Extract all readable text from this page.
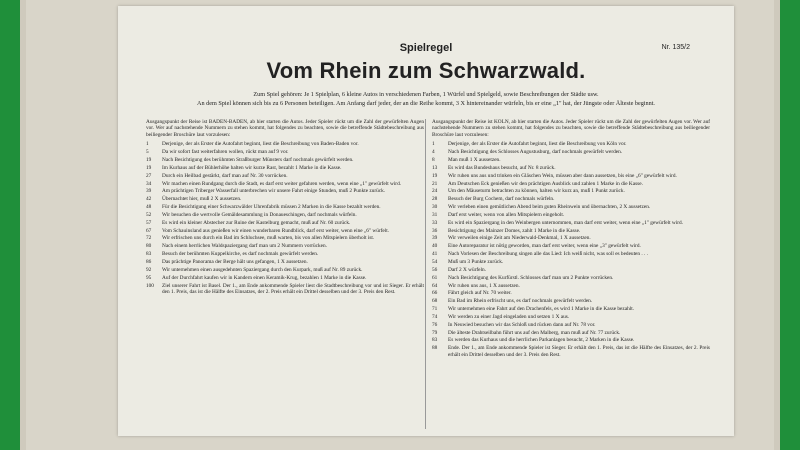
Spielregel	Nr. 135/2
Vom Rhein zum Schwarzwald.
Zum Spiel gehören: Je 1 Spielplan, 6 kleine Autos in verschiedenen Farben, 1 Würfel und Spielgeld, sowie Beschreibungen der Städte usw.
An dem Spiel können sich bis zu 6 Personen beteiligen. Am Anfang darf jeder, der an die Reihe kommt, 3 X hintereinander würfeln, bis er eine „1" hat, der Jüngste oder Älteste beginnt.
Ausgangspunkt der Reise ist BADEN-BADEN, ab hier starten die Autos. Jeder Spieler rückt um die Zahl der gewürfelten Augen vor. Wer auf nachstehende Nummern zu stehen kommt, hat folgendes zu beachten, sowie die betreffende Städtebeschreibung aus beiliegender Broschüre laut vorzulesen:
1	Derjenige, der als Erster die Autofahrt beginnt, liest die Beschreibung von Baden-Baden vor.
5	Da wir sofort fast weiterfahren wollen, rückt man auf 9 vor.
19	Nach Besichtigung des berühmten Straßburger Münsters darf nochmals gewürfelt werden.
19	Im Kurhaus auf der Bühlerhöhe halten wir kurze Rast, bezahlt 1 Marke in die Kasse.
27	Durch ein Heilbad gestärkt, darf man auf Nr. 30 vorrücken.
34	Wir machen einen Rundgang durch die Stadt, es darf erst weiter gefahren werden, wenn eine „1" gewürfelt wird.
39	Am prächtigen Triberger Wasserfall unterbrechen wir unsere Fahrt einige Stunden, muß 2 Punkte zurück.
42	Übernachtet hier, muß 2 X aussetzen.
48	Für die Besichtigung einer Schwarzwälder Uhrenfabrik müssen 2 Marken in die Kasse bezahlt werden.
52	Wir besuchen die wertvolle Gemäldesammlung in Donaueschingen, darf nochmals würfeln.
57	Es wird ein kleiner Abstecher zur Ruine der Kastelburg gemacht, muß auf Nr. 60 zurück.
67	Vom Schauinsland aus genießen wir einen wunderbaren Rundblick, darf erst weiter, wenn eine „6" würfelt.
72	Wir erfrischen uns durch ein Bad im Schluchsee, muß warten, bis von allen Mitspielern überholt ist.
80	Nach einem herrlichen Waldspaziergang darf man um 2 Nummern vorrücken.
83	Besuch der berühmten Kuppelkirche, es darf nochmals gewürfelt werden.
86	Das prächtige Panorama der Berge hält uns gefangen, 1 X aussetzen.
92	Wir unternehmen einen ausgedehnten Spaziergang durch den Kurpark, muß auf Nr. 89 zurück.
95	Auf der Durchfahrt kaufen wir in Kandern einen Keramik-Krug, bezahlen 1 Marke in die Kasse.
100	Ziel unserer Fahrt ist Basel. Der 1., am Ende ankommende Spieler liest die Stadtbeschreibung vor und ist Sieger. Er erhält den 1. Preis, das ist die Hälfte des Einsatzes, der 2. Preis erhält ein Drittel desselben und der 3. Preis den Rest.
Ausgangspunkt der Reise ist KÖLN, ab hier starten die Autos. Jeder Spieler rückt um die Zahl der gewürfelten Augen vor. Wer auf nachstehende Nummern zu stehen kommt, hat folgendes zu beachten, sowie die betreffende Städtebeschreibung aus beiliegender Broschüre laut vorzulesen:
1	Derjenige, der als Erster die Autofahrt beginnt, liest die Beschreibung von Köln vor.
4	Nach Besichtigung des Schlosses Augustusburg, darf nochmals gewürfelt werden.
8	Man muß 1 X aussetzen.
13	Es wird das Bundeshaus besucht, auf Nr. 8 zurück.
19	Wir ruhen uns aus und trinken ein Gläschen Wein, müssen aber dann aussetzen, bis eine „6" gewürfelt wird.
21	Am Deutschen Eck genießen wir den prächtigen Ausblick und zahlen 1 Marke in die Kasse.
24	Um den Mäuseturm betrachten zu können, halten wir kurz an, muß 1 Punkt zurück.
28	Besuch der Burg Cochem, darf nochmals würfeln.
30	Wir verleben einen gemütlichen Abend beim guten Rheinwein und übernachten, 2 X aussetzen.
31	Darf erst weiter, wenn von allen Mitspielern eingeholt.
33	Es wird ein Spaziergang in den Weinbergen unternommen, man darf erst weiter, wenn eine „1" gewürfelt wird.
36	Besichtigung des Mainzer Domes, zahlt 1 Marke in die Kasse.
39	Wir verweilen einige Zeit am Niederwald-Denkmal, 1 X aussetzen.
40	Eine Autoreparatur ist nötig geworden, man darf erst weiter, wenn eine „3" gewürfelt wird.
41	Nach Vorlesen der Beschreibung singen alle das Lied: Ich weiß nicht, was soll es bedeuten . . .
54	Muß um 3 Punkte zurück.
56	Darf 2 X würfeln.
61	Nach Besichtigung des Kurfürstl. Schlosses darf man um 2 Punkte vorrücken.
64	Wir ruhen uns aus, 1 X aussetzen.
66	Fährt gleich auf Nr. 70 weiter.
68	Ein Bad im Rhein erfrischt uns, es darf nochmals gewürfelt werden.
71	Wir unternehmen eine Fahrt auf den Drachenfels, es wird 1 Marke in die Kasse bezahlt.
74	Wir werden zu einer Jagd eingeladen und setzen 1 X aus.
76	In Neuwied besuchen wir das Schloß und rücken dann auf Nr. 78 vor.
79	Die älteste Drahtseilbahn führt uns auf den Malberg, man muß auf Nr. 77 zurück.
83	Es werden das Kurhaus und die herrlichen Parkanlagen besucht, 2 Marken in die Kasse.
88	Ende. Der 1., am Ende ankommende Spieler ist Sieger. Er erhält den 1. Preis, das ist die Hälfte des Einsatzes, der 2. Preis erhält ein Drittel desselben und der 3. Preis den Rest.
